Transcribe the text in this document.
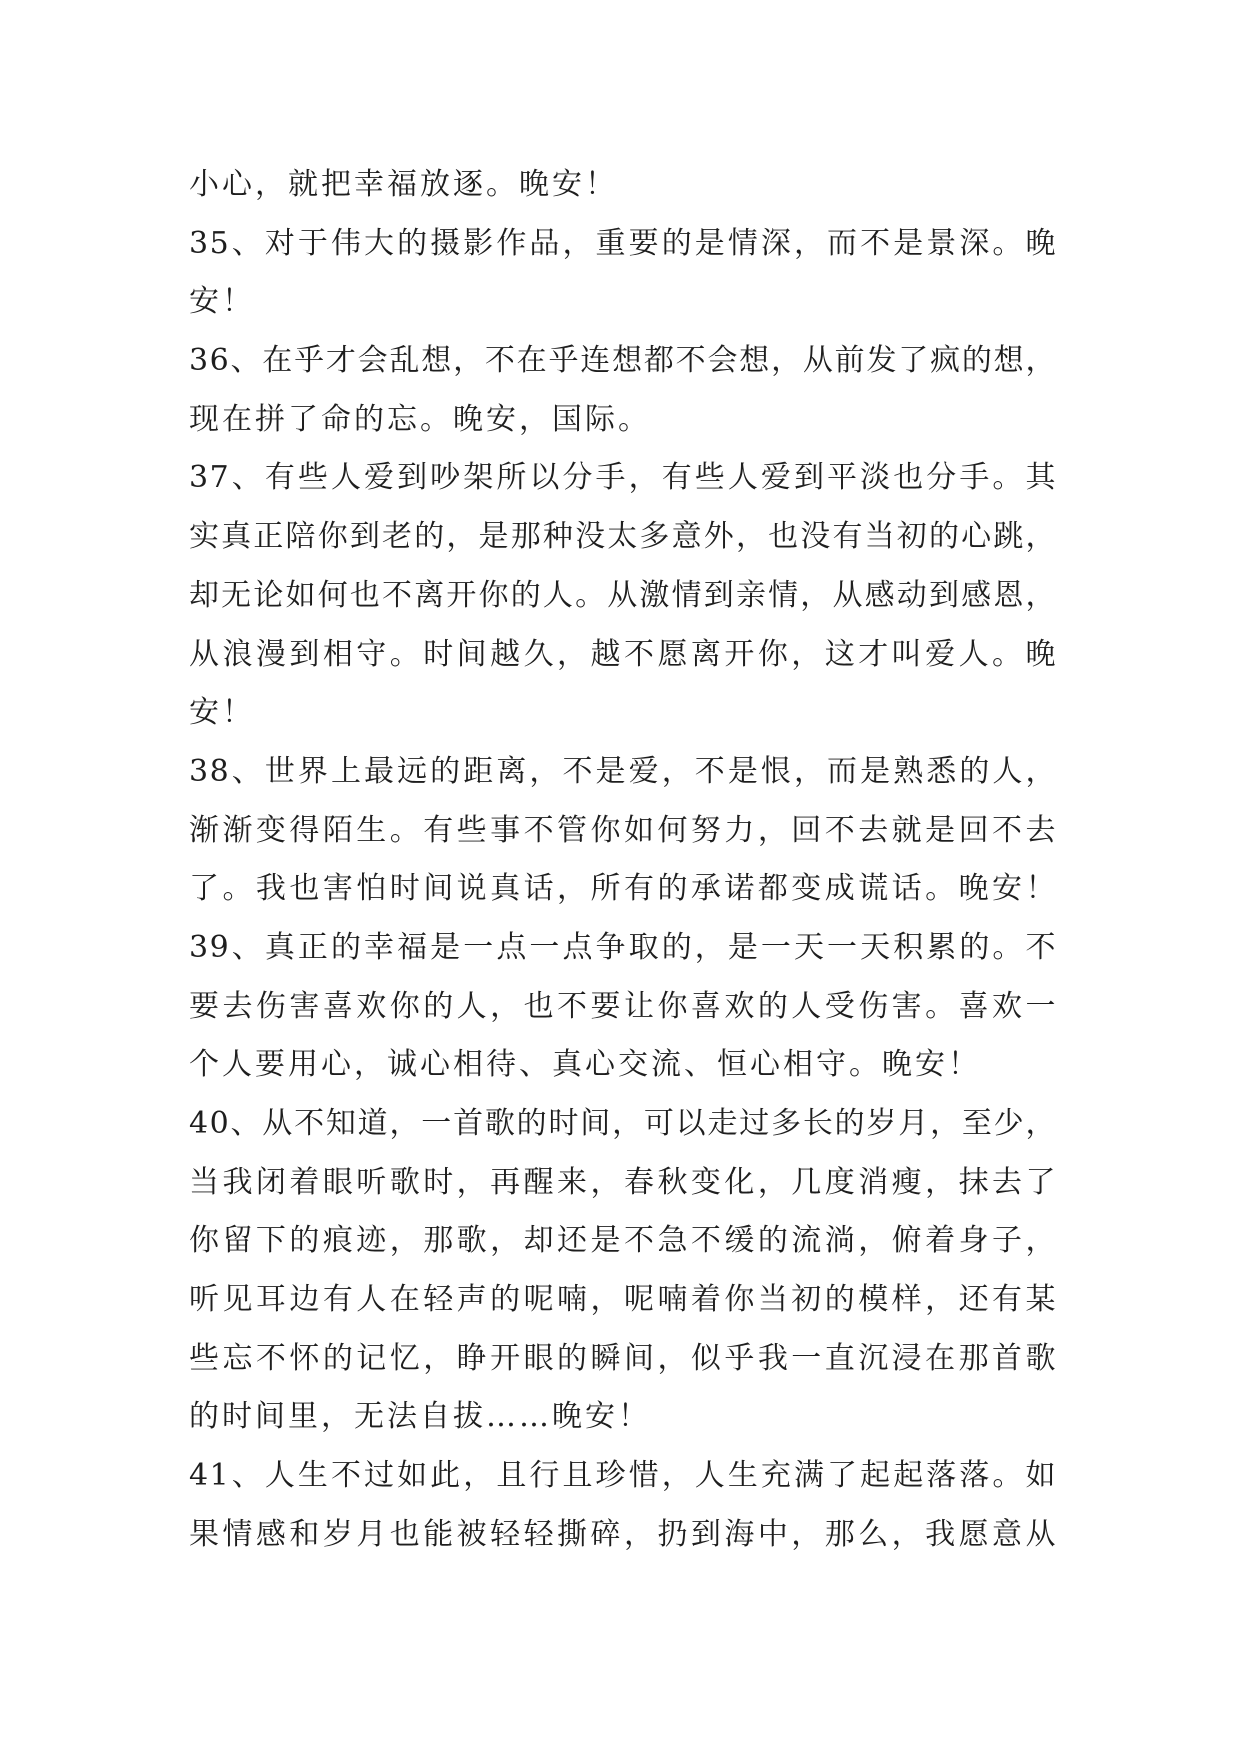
小心，就把幸福放逐。晚安！
35、对于伟大的摄影作品，重要的是情深，而不是景深。晚
安！
36、在乎才会乱想，不在乎连想都不会想，从前发了疯的想，
现在拼了命的忘。晚安，国际。
37、有些人爱到吵架所以分手，有些人爱到平淡也分手。其
实真正陪你到老的，是那种没太多意外，也没有当初的心跳，
却无论如何也不离开你的人。从激情到亲情，从感动到感恩，
从浪漫到相守。时间越久，越不愿离开你，这才叫爱人。晚
安！
38、世界上最远的距离，不是爱，不是恨，而是熟悉的人，
渐渐变得陌生。有些事不管你如何努力，回不去就是回不去
了。我也害怕时间说真话，所有的承诺都变成谎话。晚安！
39、真正的幸福是一点一点争取的，是一天一天积累的。不
要去伤害喜欢你的人，也不要让你喜欢的人受伤害。喜欢一
个人要用心，诚心相待、真心交流、恒心相守。晚安！
40、从不知道，一首歌的时间，可以走过多长的岁月，至少，
当我闭着眼听歌时，再醒来，春秋变化，几度消瘦，抹去了
你留下的痕迹，那歌，却还是不急不缓的流淌，俯着身子，
听见耳边有人在轻声的呢喃，呢喃着你当初的模样，还有某
些忘不怀的记忆，睁开眼的瞬间，似乎我一直沉浸在那首歌
的时间里，无法自拔……晚安！
41、人生不过如此，且行且珍惜，人生充满了起起落落。如
果情感和岁月也能被轻轻撕碎，扔到海中，那么，我愿意从
